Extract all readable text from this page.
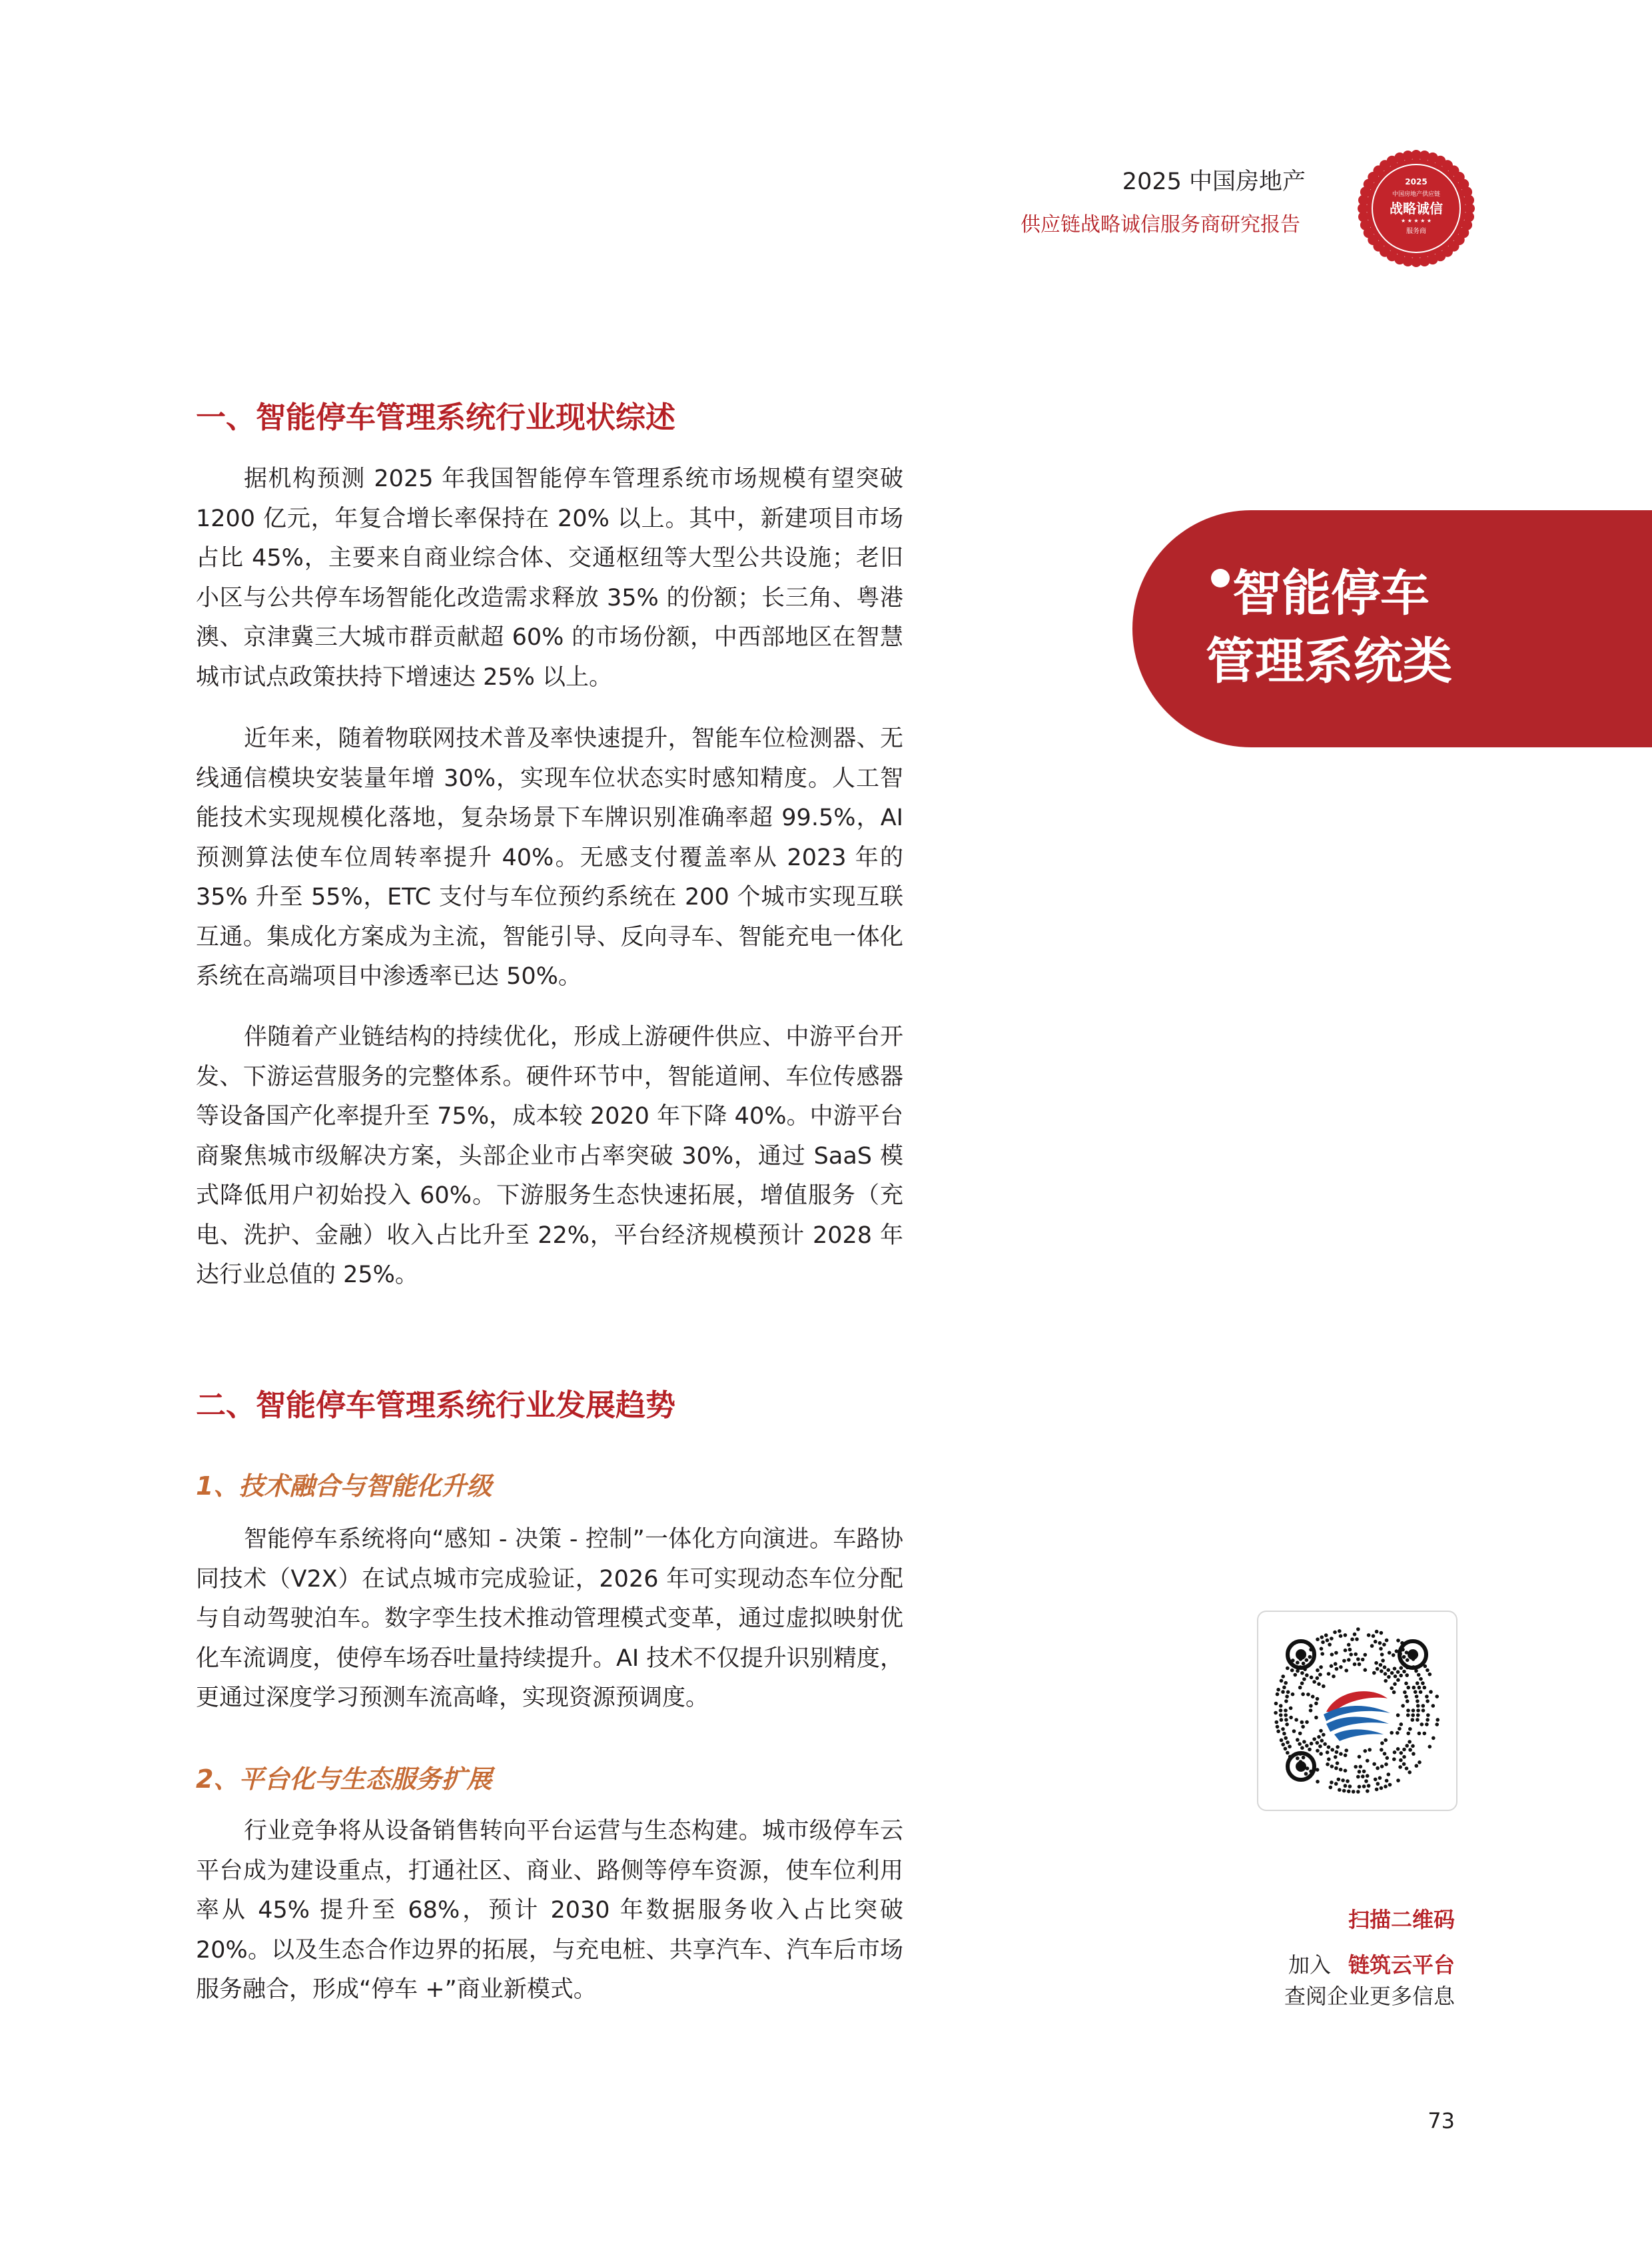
2025 中国房地产
供应链战略诚信服务商研究报告
2025
中国房地产供应链
战略诚信
★ ★ ★ ★ ★
服务商
一、智能停车管理系统行业现状综述

据机构预测 2025 年我国智能停车管理系统市场规模有望突破 1200 亿元，年复合增长率保持在 20% 以上。其中，新建项目市场占比 45%，主要来自商业综合体、交通枢纽等大型公共设施；老旧小区与公共停车场智能化改造需求释放 35% 的份额；长三角、粤港澳、京津冀三大城市群贡献超 60% 的市场份额，中西部地区在智慧城市试点政策扶持下增速达 25% 以上。

近年来，随着物联网技术普及率快速提升，智能车位检测器、无线通信模块安装量年增 30%，实现车位状态实时感知精度。人工智能技术实现规模化落地，复杂场景下车牌识别准确率超 99.5%，AI 预测算法使车位周转率提升 40%。无感支付覆盖率从 2023 年的 35% 升至 55%，ETC 支付与车位预约系统在 200 个城市实现互联互通。集成化方案成为主流，智能引导、反向寻车、智能充电一体化系统在高端项目中渗透率已达 50%。

伴随着产业链结构的持续优化，形成上游硬件供应、中游平台开发、下游运营服务的完整体系。硬件环节中，智能道闸、车位传感器等设备国产化率提升至 75%，成本较 2020 年下降 40%。中游平台商聚焦城市级解决方案，头部企业市占率突破 30%，通过 SaaS 模式降低用户初始投入 60%。下游服务生态快速拓展，增值服务（充电、洗护、金融）收入占比升至 22%，平台经济规模预计 2028 年达行业总值的 25%。

二、智能停车管理系统行业发展趋势
1、技术融合与智能化升级

智能停车系统将向“感知 - 决策 - 控制”一体化方向演进。车路协同技术（V2X）在试点城市完成验证，2026 年可实现动态车位分配与自动驾驶泊车。数字孪生技术推动管理模式变革，通过虚拟映射优化车流调度，使停车场吞吐量持续提升。AI 技术不仅提升识别精度，更通过深度学习预测车流高峰，实现资源预调度。

2、平台化与生态服务扩展

行业竞争将从设备销售转向平台运营与生态构建。城市级停车云平台成为建设重点，打通社区、商业、路侧等停车资源，使车位利用率从 45% 提升至 68%，预计 2030 年数据服务收入占比突破 20%。以及生态合作边界的拓展，与充电桩、共享汽车、汽车后市场服务融合，形成“停车 +”商业新模式。

智能停车
管理系统类
扫描二维码
加入 链筑云平台
查阅企业更多信息
73
